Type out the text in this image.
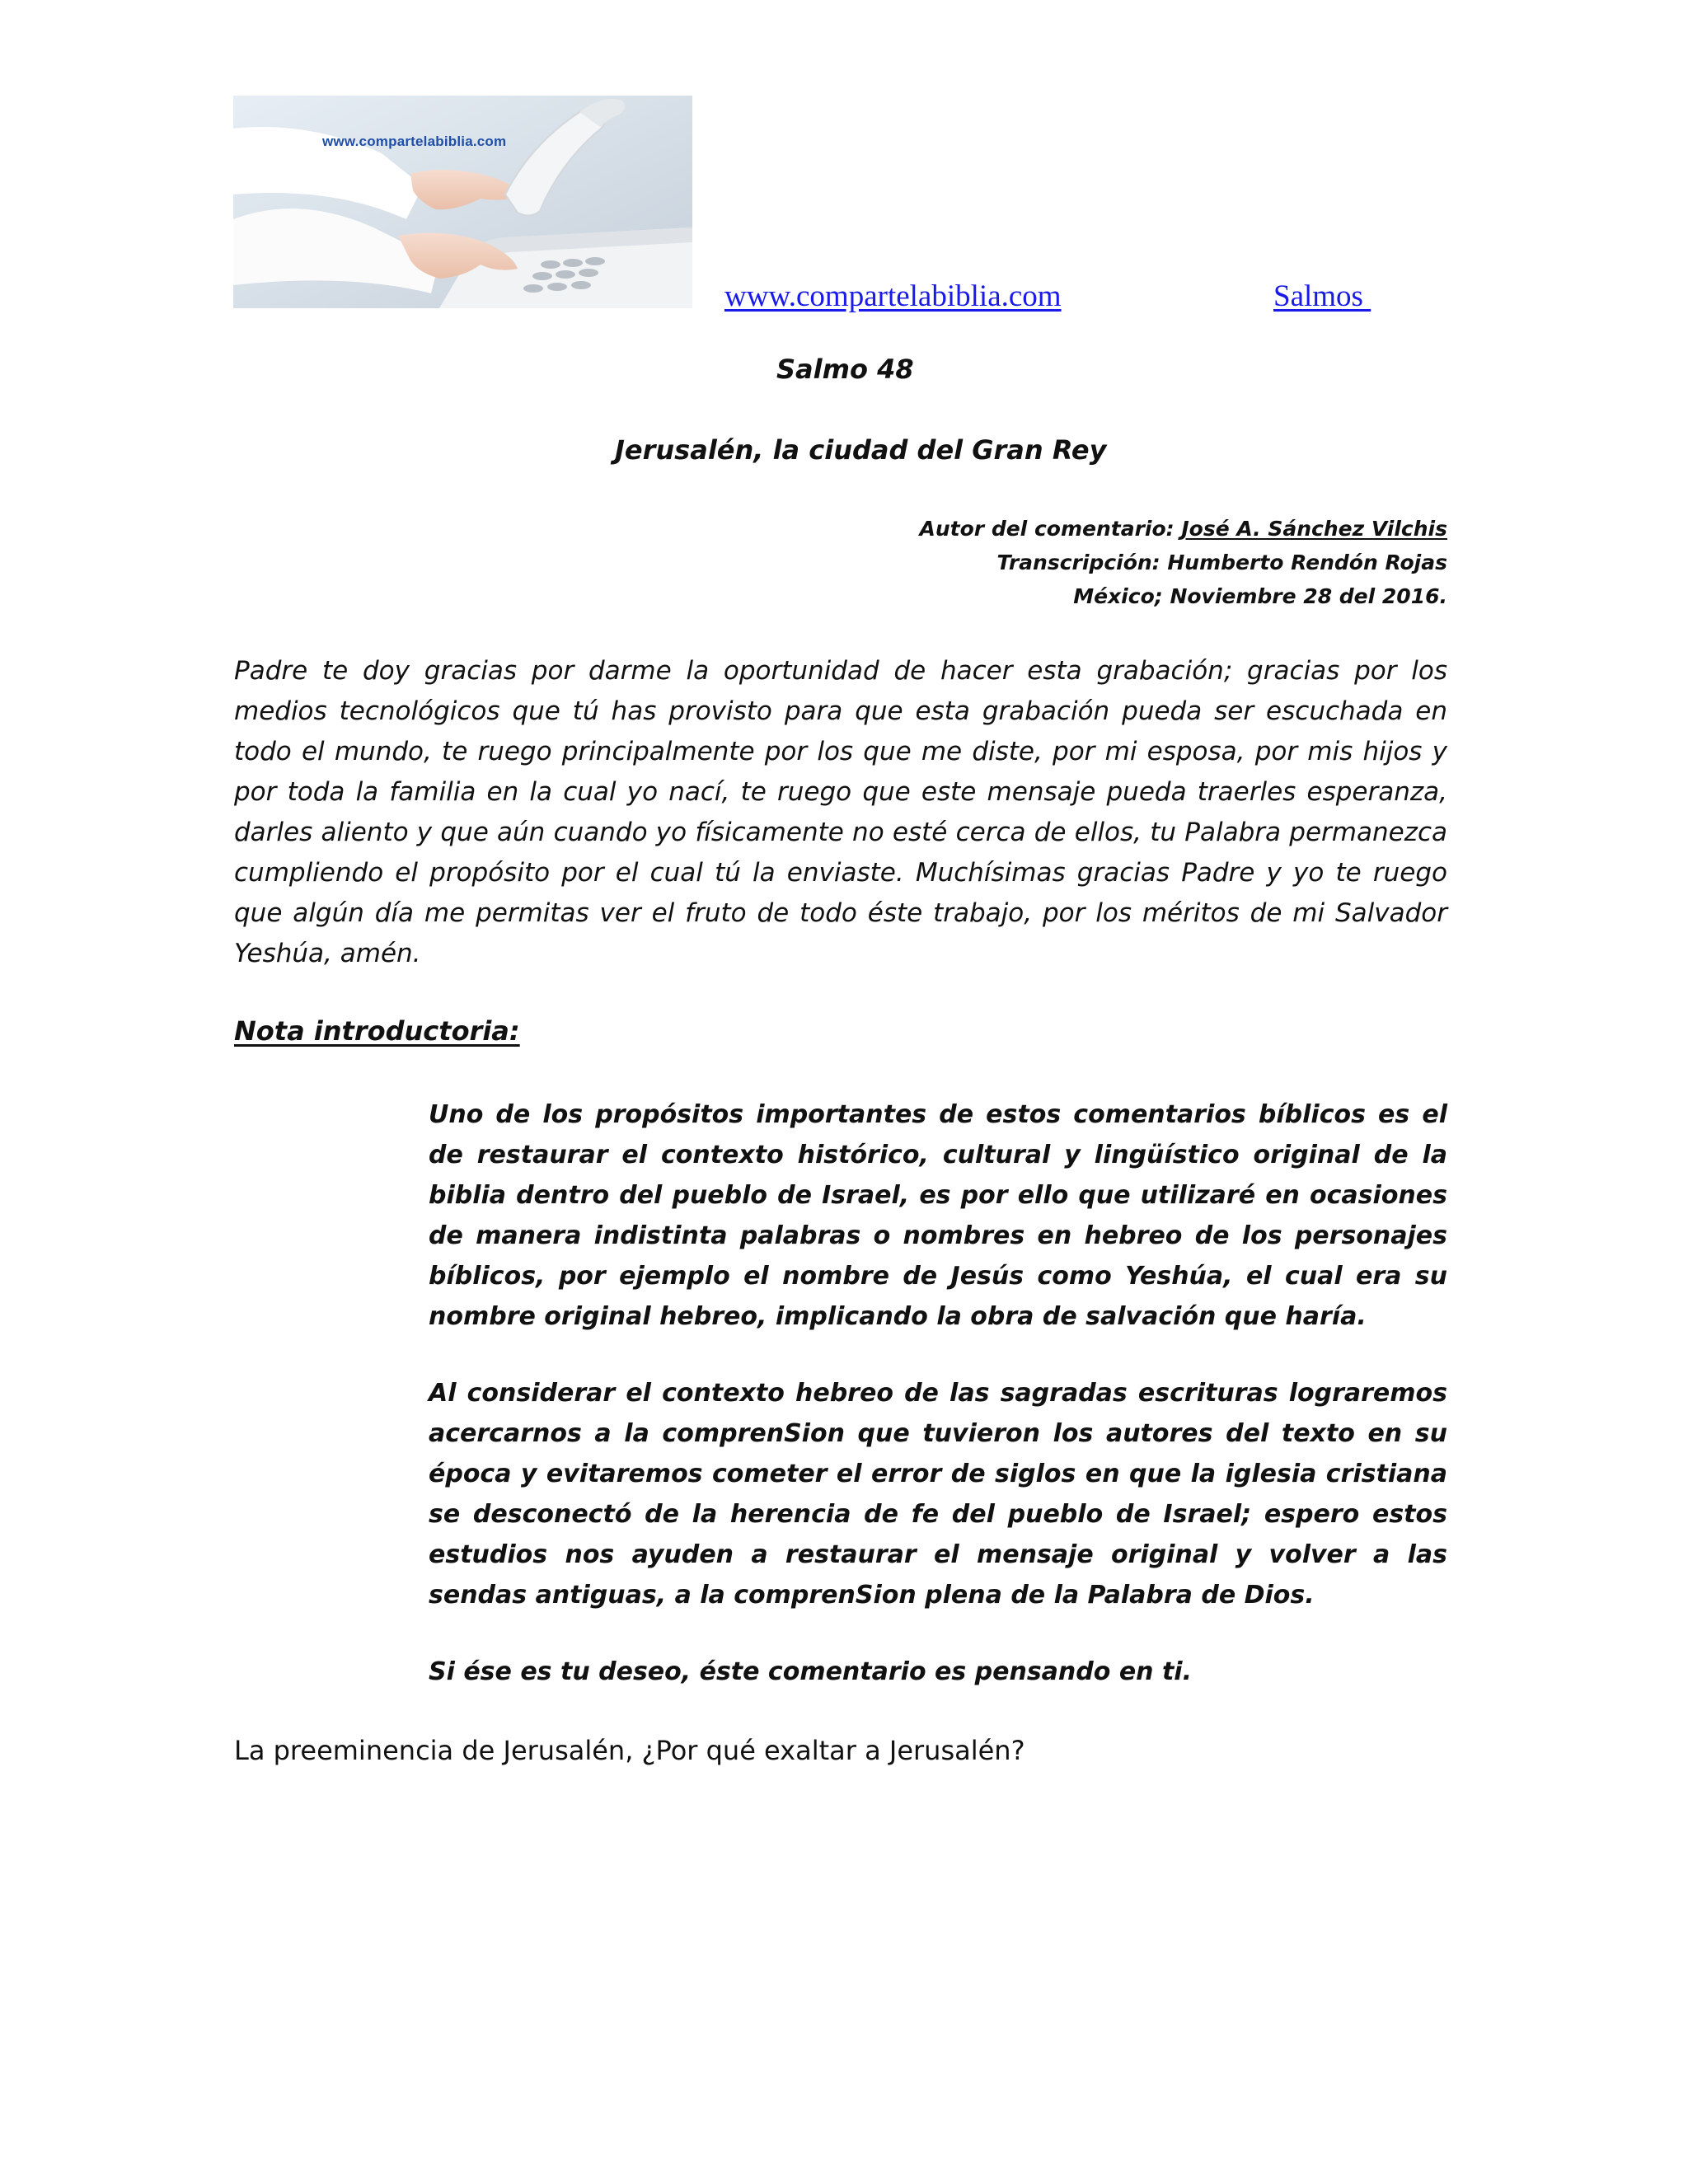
www.compartelabiblia.com
www.compartelabiblia.com	Salmos
Salmo 48
Jerusalén, la ciudad del Gran Rey
Autor del comentario: José A. Sánchez Vilchis
Transcripción: Humberto Rendón Rojas
México; Noviembre 28 del 2016.

Padre te doy gracias por darme la oportunidad de hacer esta grabación; gracias por los medios tecnológicos que tú has provisto para que esta grabación pueda ser escuchada en todo el mundo, te ruego principalmente por los que me diste, por mi esposa, por mis hijos y por toda la familia en la cual yo nací, te ruego que este mensaje pueda traerles esperanza, darles aliento y que aún cuando yo físicamente no esté cerca de ellos, tu Palabra permanezca cumpliendo el propósito por el cual tú la enviaste. Muchísimas gracias Padre y yo te ruego que algún día me permitas ver el fruto de todo éste trabajo, por los méritos de mi Salvador Yeshúa, amén.

Nota introductoria:

Uno de los propósitos importantes de estos comentarios bíblicos es el de restaurar el contexto histórico, cultural y lingüístico original de la biblia dentro del pueblo de Israel, es por ello que utilizaré en ocasiones de manera indistinta palabras o nombres en hebreo de los personajes bíblicos, por ejemplo el nombre de Jesús como Yeshúa, el cual era su nombre original hebreo, implicando la obra de salvación que haría.

Al considerar el contexto hebreo de las sagradas escrituras lograremos acercarnos a la comprenSion que tuvieron los autores del texto en su época y evitaremos cometer el error de siglos en que la iglesia cristiana se desconectó de la herencia de fe del pueblo de Israel; espero estos estudios nos ayuden a restaurar el mensaje original y volver a las sendas antiguas, a la comprenSion plena de la Palabra de Dios.

Si ése es tu deseo, éste comentario es pensando en ti.

La preeminencia de Jerusalén, ¿Por qué exaltar a Jerusalén?
